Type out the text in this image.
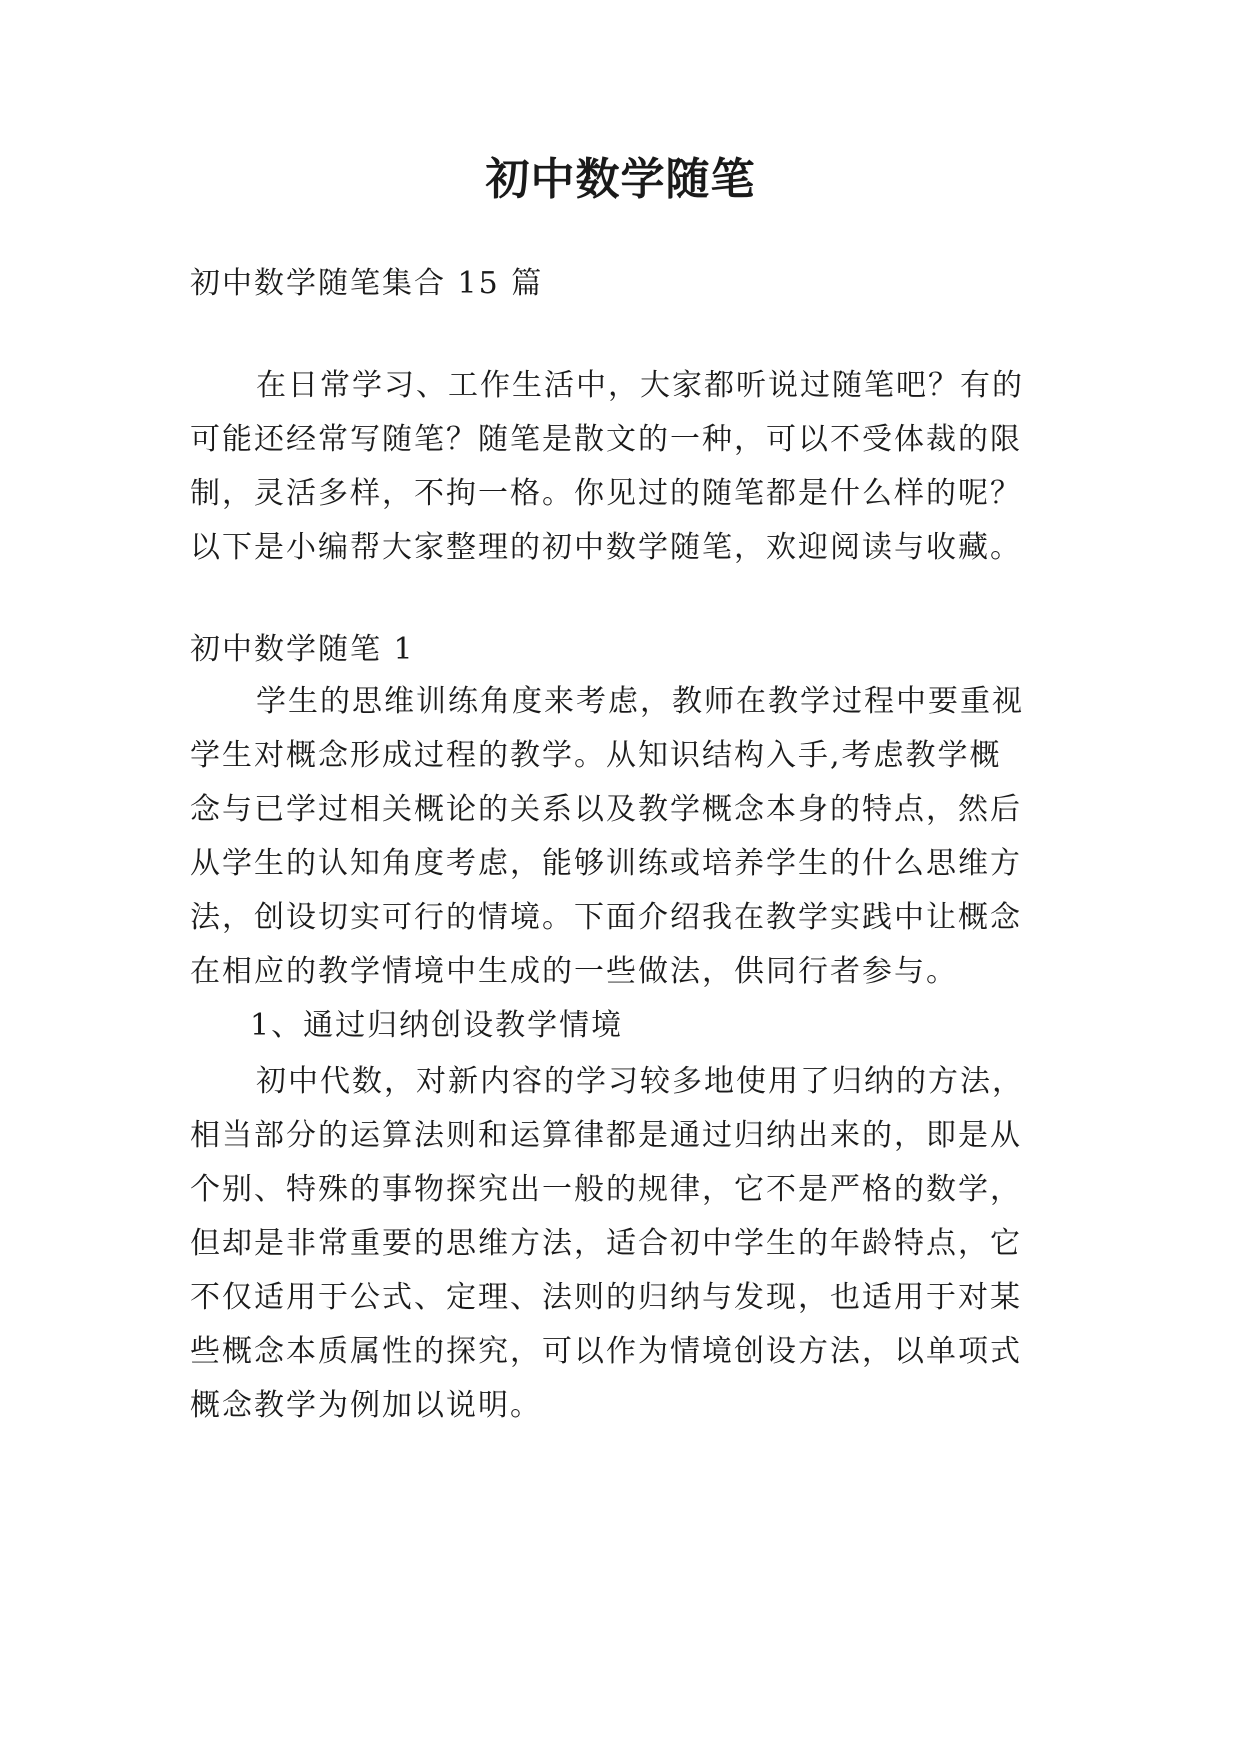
初中数学随笔

初中数学随笔集合 15 篇

在日常学习、工作生活中，大家都听说过随笔吧？有的

可能还经常写随笔？随笔是散文的一种，可以不受体裁的限

制，灵活多样，不拘一格。你见过的随笔都是什么样的呢？

以下是小编帮大家整理的初中数学随笔，欢迎阅读与收藏。

初中数学随笔 1

学生的思维训练角度来考虑，教师在教学过程中要重视

学生对概念形成过程的教学。从知识结构入手,考虑教学概

念与已学过相关概论的关系以及教学概念本身的特点，然后

从学生的认知角度考虑，能够训练或培养学生的什么思维方

法，创设切实可行的情境。下面介绍我在教学实践中让概念

在相应的教学情境中生成的一些做法，供同行者参与。

1、通过归纳创设教学情境

初中代数，对新内容的学习较多地使用了归纳的方法，

相当部分的运算法则和运算律都是通过归纳出来的，即是从

个别、特殊的事物探究出一般的规律，它不是严格的数学，

但却是非常重要的思维方法，适合初中学生的年龄特点，它

不仅适用于公式、定理、法则的归纳与发现，也适用于对某

些概念本质属性的探究，可以作为情境创设方法，以单项式

概念教学为例加以说明。
